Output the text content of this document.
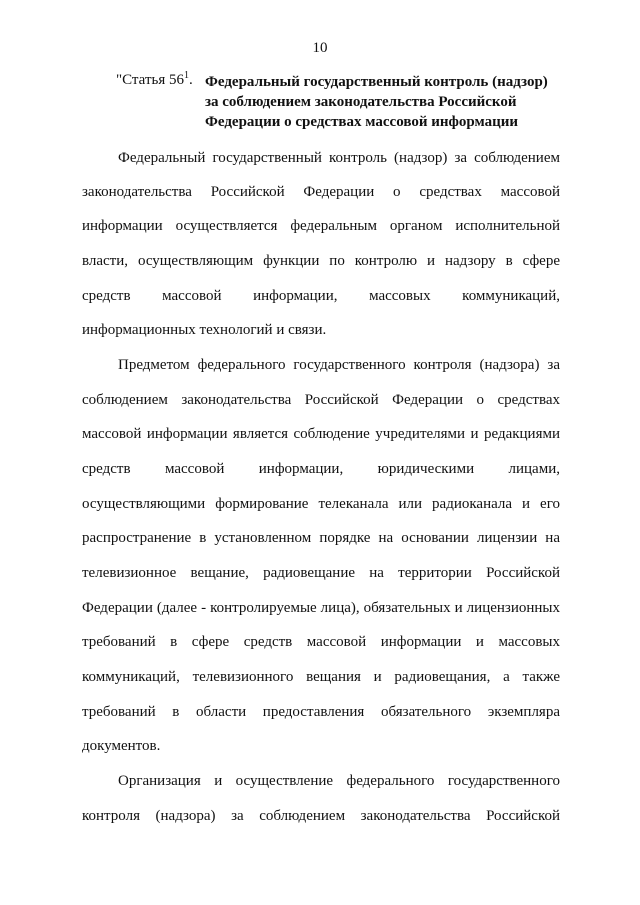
10
"Статья $56^1$. Федеральный государственный контроль (надзор)
за соблюдением законодательства Российской
Федерации о средствах массовой информации
Федеральный государственный контроль (надзор) за соблюдением
законодательства Российской Федерации о средствах массовой
информации осуществляется федеральным органом исполнительной
власти, осуществляющим функции по контролю и надзору в сфере
средств массовой информации, массовых коммуникаций,
информационных технологий и связи.
Предметом федерального государственного контроля (надзора) за
соблюдением законодательства Российской Федерации о средствах
массовой информации является соблюдение учредителями и редакциями
средств массовой информации, юридическими лицами,
осуществляющими формирование телеканала или радиоканала и его
распространение в установленном порядке на основании лицензии на
телевизионное вещание, радиовещание на территории Российской
Федерации (далее - контролируемые лица), обязательных и лицензионных
требований в сфере средств массовой информации и массовых
коммуникаций, телевизионного вещания и радиовещания, а также
требований в области предоставления обязательного экземпляра
документов.
Организация и осуществление федерального государственного
контроля (надзора) за соблюдением законодательства Российской
